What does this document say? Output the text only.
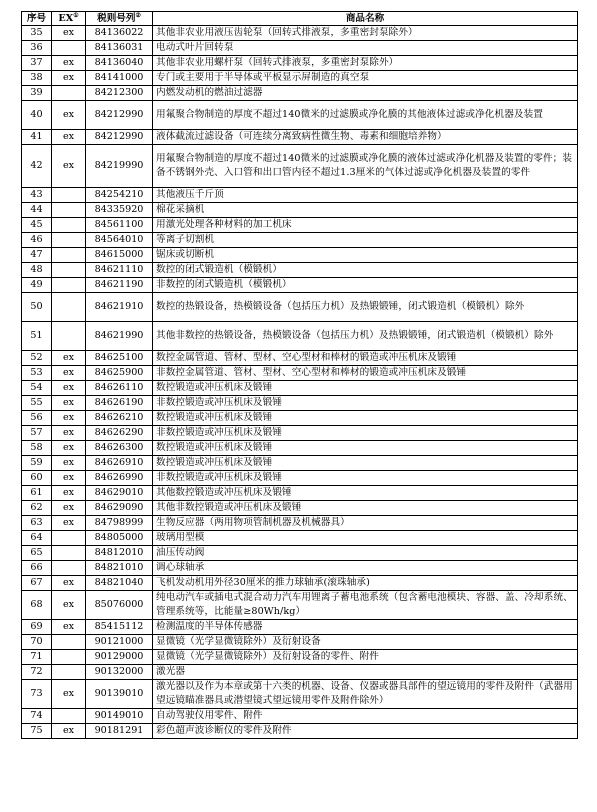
序号	EX①	税则号列②	商品名称
35	ex	84136022	其他非农业用液压齿轮泵（回转式排液泵，多重密封泵除外）
36		84136031	电动式叶片回转泵
37	ex	84136040	其他非农业用螺杆泵（回转式排液泵，多重密封泵除外）
38	ex	84141000	专门或主要用于半导体或平板显示屏制造的真空泵
39		84212300	内燃发动机的燃油过滤器
40	ex	84212990	用氟聚合物制造的厚度不超过140微米的过滤膜或净化膜的其他液体过滤或净化机器及装置
41	ex	84212990	液体截流过滤设备（可连续分离致病性微生物、毒素和细胞培养物）
42	ex	84219990	用氟聚合物制造的厚度不超过140微米的过滤膜或净化膜的液体过滤或净化机器及装置的零件；装备不锈钢外壳、入口管和出口管内径不超过1.3厘米的气体过滤或净化机器及装置的零件
43		84254210	其他液压千斤顶
44		84335920	棉花采摘机
45		84561100	用激光处理各种材料的加工机床
46		84564010	等离子切割机
47		84615000	锯床或切断机
48		84621110	数控的闭式锻造机（模锻机）
49		84621190	非数控的闭式锻造机（模锻机）
50		84621910	数控的热锻设备，热模锻设备（包括压力机）及热锻锻锤，闭式锻造机（模锻机）除外
51		84621990	其他非数控的热锻设备，热模锻设备（包括压力机）及热锻锻锤，闭式锻造机（模锻机）除外
52	ex	84625100	数控金属管道、管材、型材、空心型材和棒材的锻造或冲压机床及锻锤
53	ex	84625900	非数控金属管道、管材、型材、空心型材和棒材的锻造或冲压机床及锻锤
54	ex	84626110	数控锻造或冲压机床及锻锤
55	ex	84626190	非数控锻造或冲压机床及锻锤
56	ex	84626210	数控锻造或冲压机床及锻锤
57	ex	84626290	非数控锻造或冲压机床及锻锤
58	ex	84626300	数控锻造或冲压机床及锻锤
59	ex	84626910	数控锻造或冲压机床及锻锤
60	ex	84626990	非数控锻造或冲压机床及锻锤
61	ex	84629010	其他数控锻造或冲压机床及锻锤
62	ex	84629090	其他非数控锻造或冲压机床及锻锤
63	ex	84798999	生物反应器（两用物项管制机器及机械器具）
64		84805000	玻璃用型模
65		84812010	油压传动阀
66		84821010	调心球轴承
67	ex	84821040	飞机发动机用外径30厘米的推力球轴承(滚珠轴承)
68	ex	85076000	纯电动汽车或插电式混合动力汽车用锂离子蓄电池系统（包含蓄电池模块、容器、盖、冷却系统、管理系统等，比能量≥80Wh/kg）
69	ex	85415112	检测温度的半导体传感器
70		90121000	显微镜（光学显微镜除外）及衍射设备
71		90129000	显微镜（光学显微镜除外）及衍射设备的零件、附件
72		90132000	激光器
73	ex	90139010	激光器以及作为本章或第十六类的机器、设备、仪器或器具部件的望远镜用的零件及附件（武器用望远镜瞄准器具或潜望镜式望远镜用零件及附件除外）
74		90149010	自动驾驶仪用零件、附件
75	ex	90181291	彩色超声波诊断仪的零件及附件
